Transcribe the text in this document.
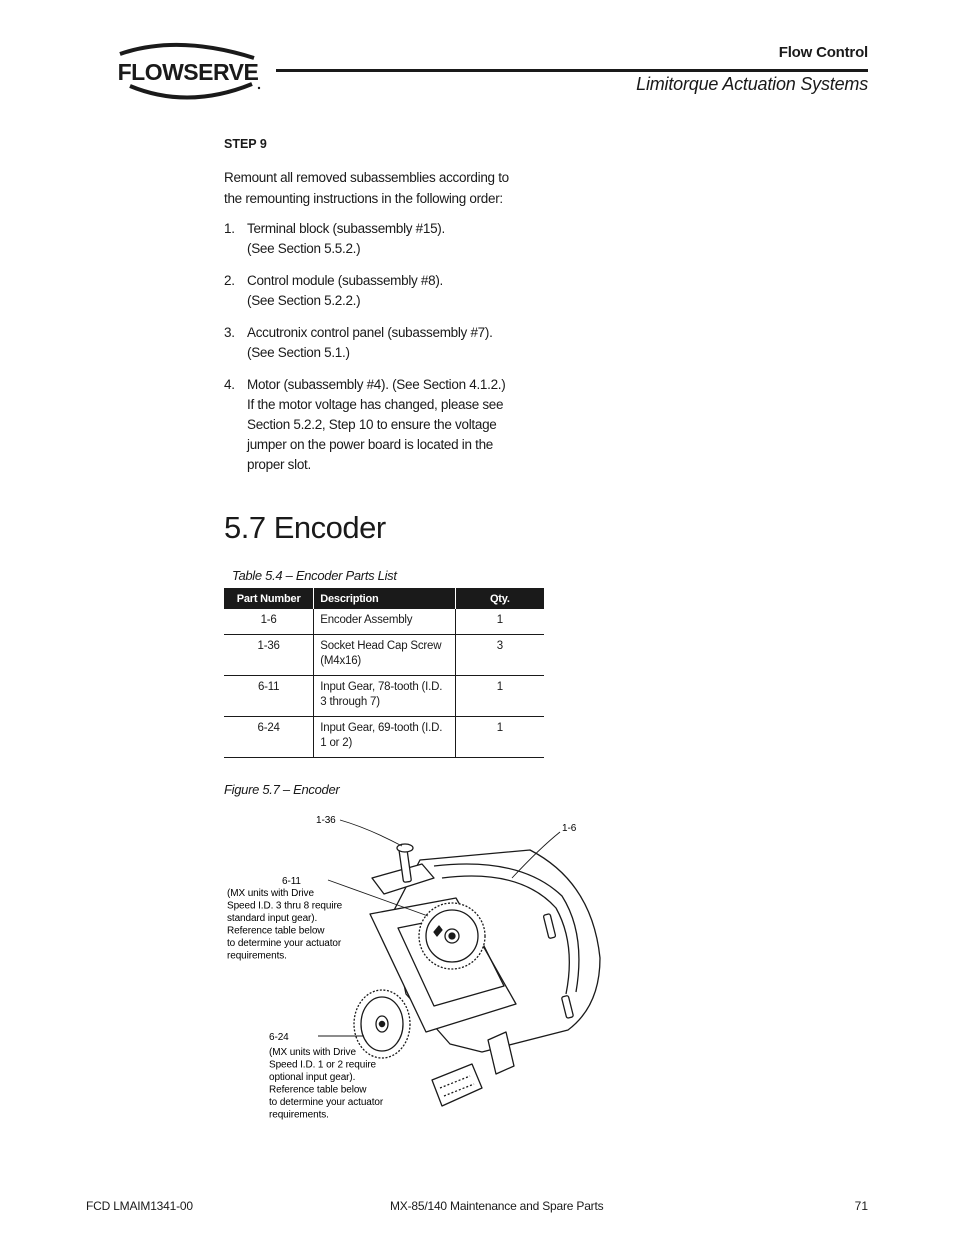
FLOWSERVE
Flow Control
Limitorque Actuation Systems
STEP 9
Remount all removed subassemblies according to the remounting instructions in the following order:
1. Terminal block (subassembly #15).
(See Section 5.5.2.)
2. Control module (subassembly #8).
(See Section 5.2.2.)
3. Accutronix control panel (subassembly #7).
(See Section 5.1.)
4. Motor (subassembly #4). (See Section 4.1.2.)
If the motor voltage has changed, please see
Section 5.2.2, Step 10 to ensure the voltage
jumper on the power board is located in the
proper slot.
5.7 Encoder
Table 5.4 – Encoder Parts List
Part Number	Description	Qty.
1-6	Encoder Assembly	1
1-36	Socket Head Cap Screw (M4x16)	3
6-11	Input Gear, 78-tooth (I.D. 3 through 7)	1
6-24	Input Gear, 69-tooth (I.D. 1 or 2)	1
Figure 5.7 – Encoder
1-36
1-6
6-11
(MX units with Drive Speed I.D. 3 thru 8 require standard input gear). Reference table below to determine your actuator requirements.
6-24
(MX units with Drive Speed I.D. 1 or 2 require optional input gear). Reference table below to determine your actuator requirements.
FCD LMAIM1341-00	MX-85/140 Maintenance and Spare Parts	71
